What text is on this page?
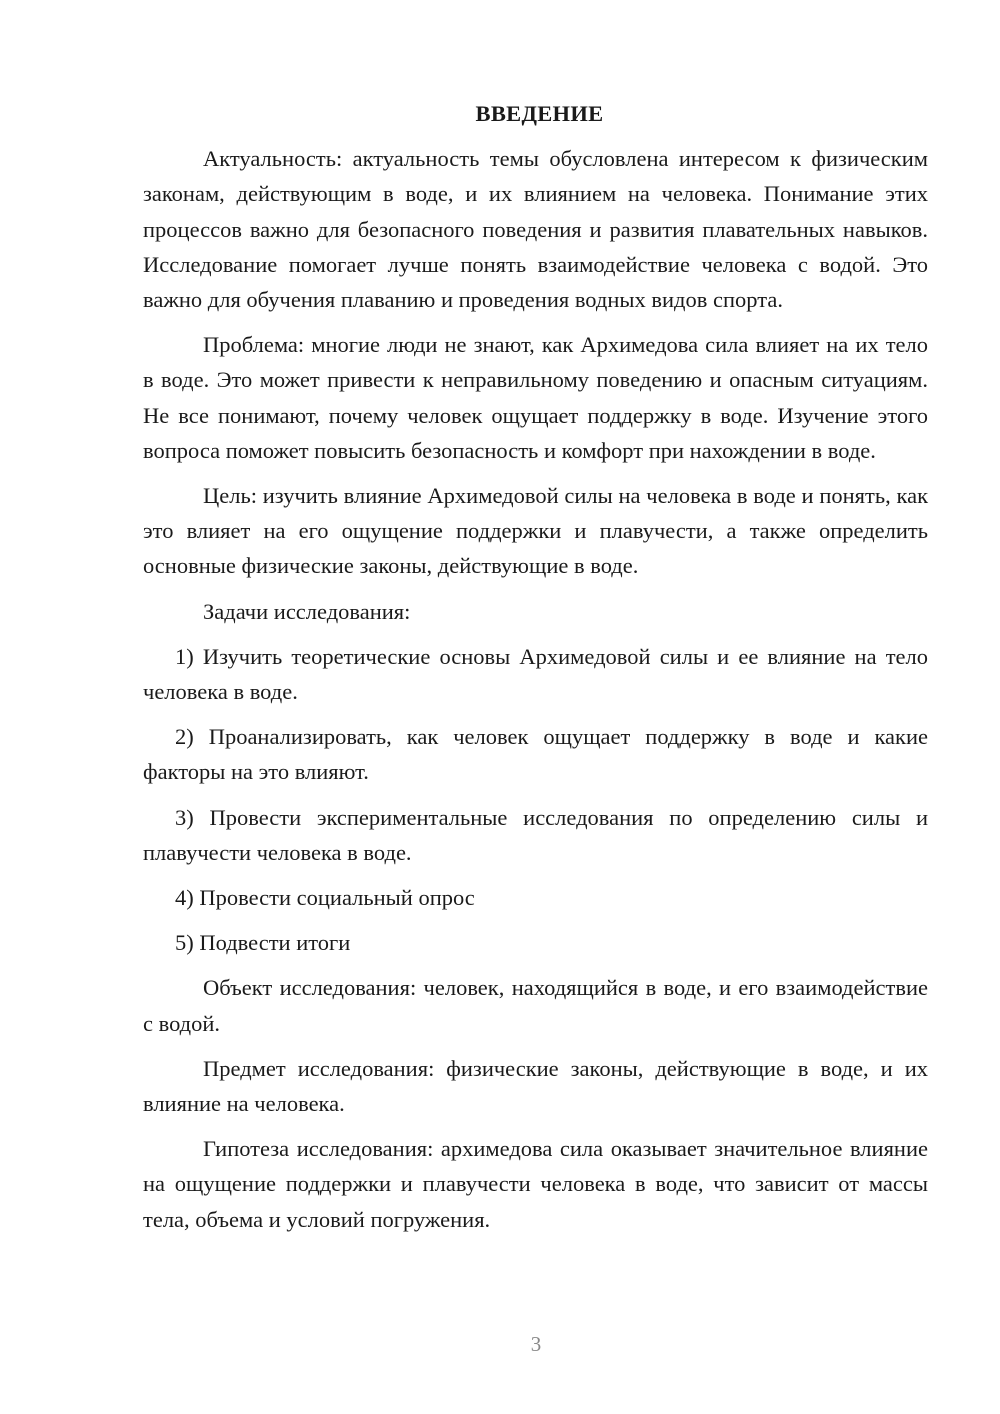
ВВЕДЕНИЕ

Актуальность: актуальность темы обусловлена интересом к физическим законам, действующим в воде, и их влиянием на человека. Понимание этих процессов важно для безопасного поведения и развития плавательных навыков. Исследование помогает лучше понять взаимодействие человека с водой. Это важно для обучения плаванию и проведения водных видов спорта.

Проблема: многие люди не знают, как Архимедова сила влияет на их тело в воде. Это может привести к неправильному поведению и опасным ситуациям. Не все понимают, почему человек ощущает поддержку в воде. Изучение этого вопроса поможет повысить безопасность и комфорт при нахождении в воде.

Цель: изучить влияние Архимедовой силы на человека в воде и понять, как это влияет на его ощущение поддержки и плавучести, а также определить основные физические законы, действующие в воде.

Задачи исследования:

1) Изучить теоретические основы Архимедовой силы и ее влияние на тело человека в воде.

2) Проанализировать, как человек ощущает поддержку в воде и какие факторы на это влияют.

3) Провести экспериментальные исследования по определению силы и плавучести человека в воде.

4) Провести социальный опрос

5) Подвести итоги

Объект исследования: человек, находящийся в воде, и его взаимодействие с водой.

Предмет исследования: физические законы, действующие в воде, и их влияние на человека.

Гипотеза исследования: архимедова сила оказывает значительное влияние на ощущение поддержки и плавучести человека в воде, что зависит от массы тела, объема и условий погружения.

3
